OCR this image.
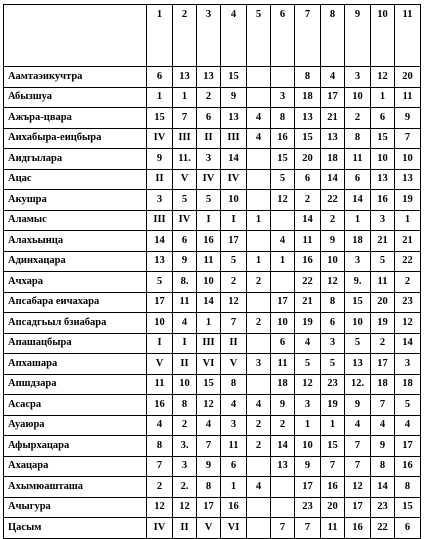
	1	2	3	4	5	6	7	8	9	10	11
Аамтаэикучтра	6	13	13	15			8	4	3	12	20
Абызшуа	1	1	2	9		3	18	17	10	1	11
Ажъра-цвара	15	7	6	13	4	8	13	21	2	6	9
Аихабыра-еицбыра	IV	III	II	III	4	16	15	13	8	15	7
Аидгылара	9	11.	3	14		15	20	18	11	10	10
Ацас	II	V	IV	IV		5	6	14	6	13	13
Акушра	3	5	5	10		12	2	22	14	16	19
Аламыс	III	IV	I	I	1		14	2	1	3	1
Алахьынца	14	6	16	17		4	11	9	18	21	21
Адинхацара	13	9	11	5	1	1	16	10	3	5	22
Ачхара	5	8.	10	2	2		22	12	9.	11	2
Апсабара еичахара	17	11	14	12		17	21	8	15	20	23
Апсадгьыл бзиабара	10	4	1	7	2	10	19	6	10	19	12
Апашацбыра	I	I	III	II		6	4	3	5	2	14
Апхашара	V	II	VI	V	3	11	5	5	13	17	3
Апшдзара	11	10	15	8		18	12	23	12.	18	18
Асасра	16	8	12	4	4	9	3	19	9	7	5
Ауаюра	4	2	4	3	2	2	1	1	4	4	4
Афырхацара	8	3.	7	11	2	14	10	15	7	9	17
Ахацара	7	3	9	6		13	9	7	7	8	16
Ахымюашташа	2	2.	8	1	4		17	16	12	14	8
Ачыгура	12	12	17	16			23	20	17	23	15
Цасым	IV	II	V	VI		7	7	11	16	22	6
